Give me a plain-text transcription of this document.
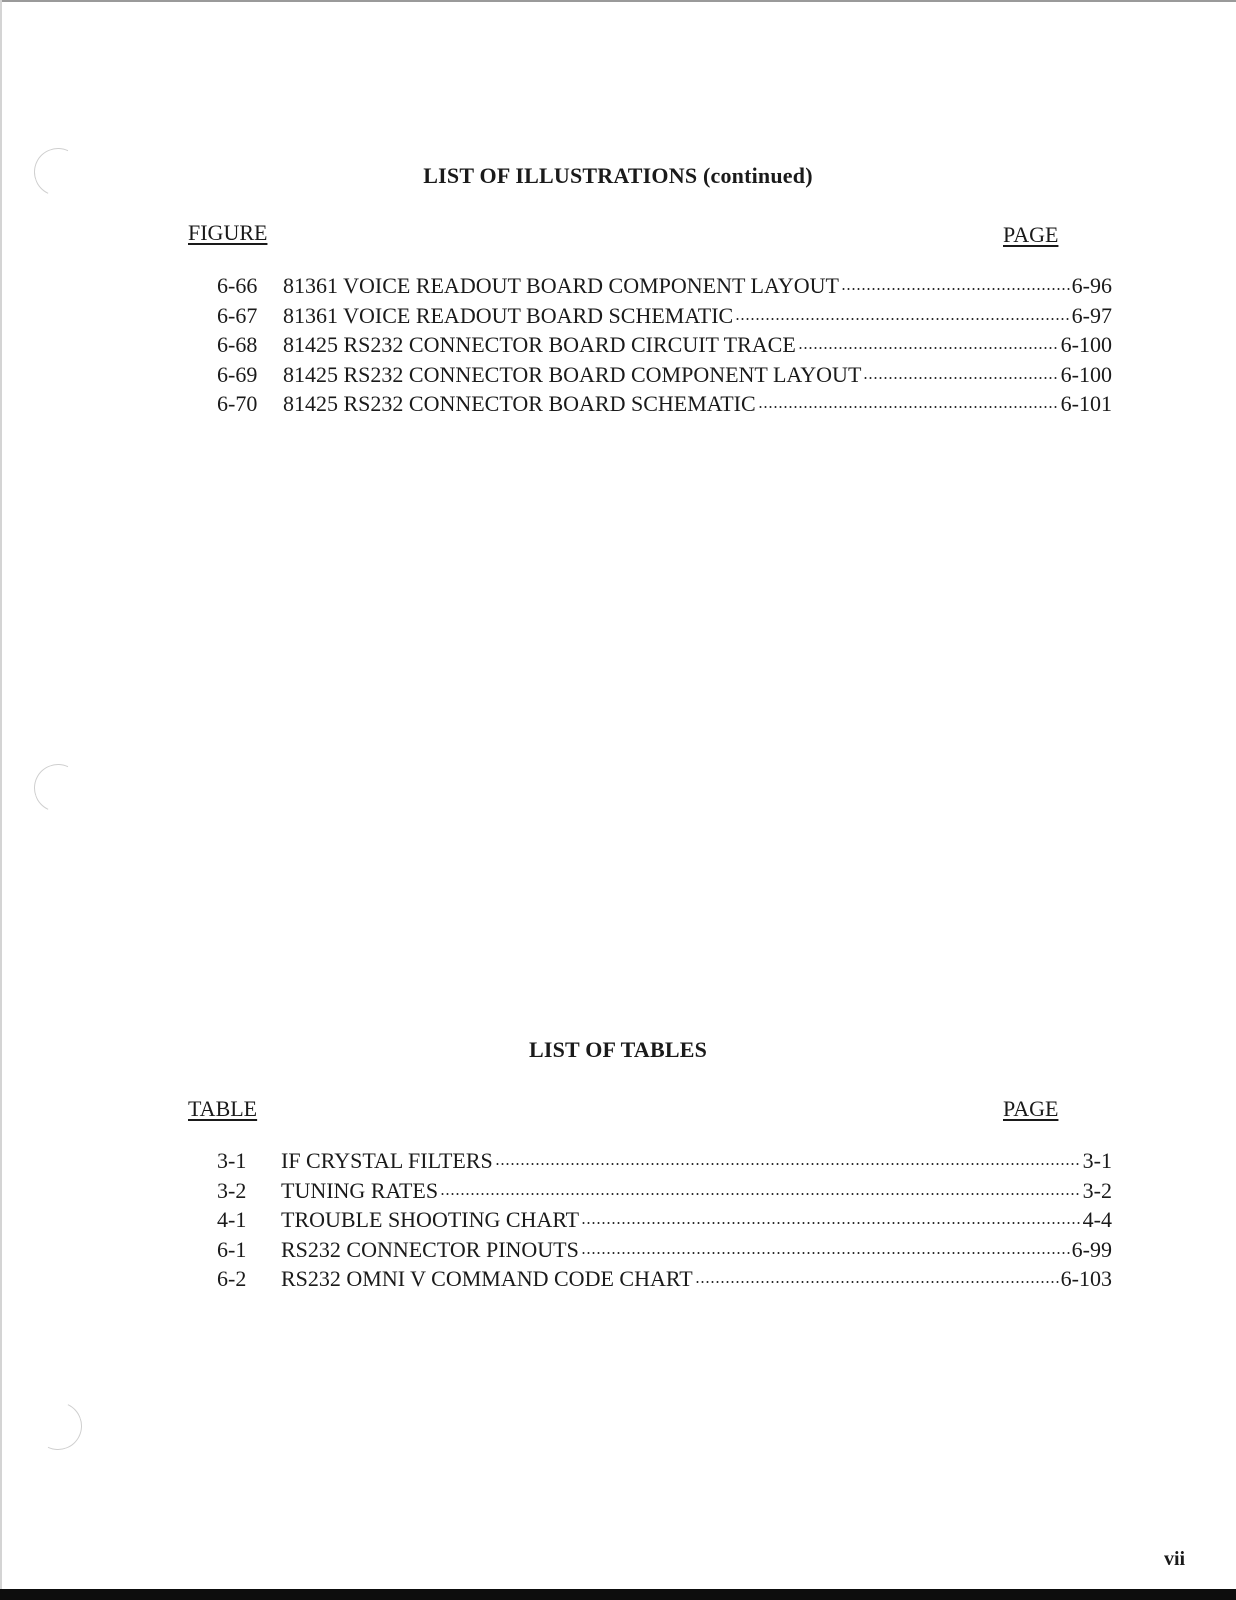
LIST OF ILLUSTRATIONS (continued)
FIGURE	PAGE
6-66	81361 VOICE READOUT BOARD COMPONENT LAYOUT	6-96
6-67	81361 VOICE READOUT BOARD SCHEMATIC	6-97
6-68	81425 RS232 CONNECTOR BOARD CIRCUIT TRACE	6-100
6-69	81425 RS232 CONNECTOR BOARD COMPONENT LAYOUT	6-100
6-70	81425 RS232 CONNECTOR BOARD SCHEMATIC	6-101
LIST OF TABLES
TABLE	PAGE
3-1	IF CRYSTAL FILTERS	3-1
3-2	TUNING RATES	3-2
4-1	TROUBLE SHOOTING CHART	4-4
6-1	RS232 CONNECTOR PINOUTS	6-99
6-2	RS232 OMNI V COMMAND CODE CHART	6-103
vii
